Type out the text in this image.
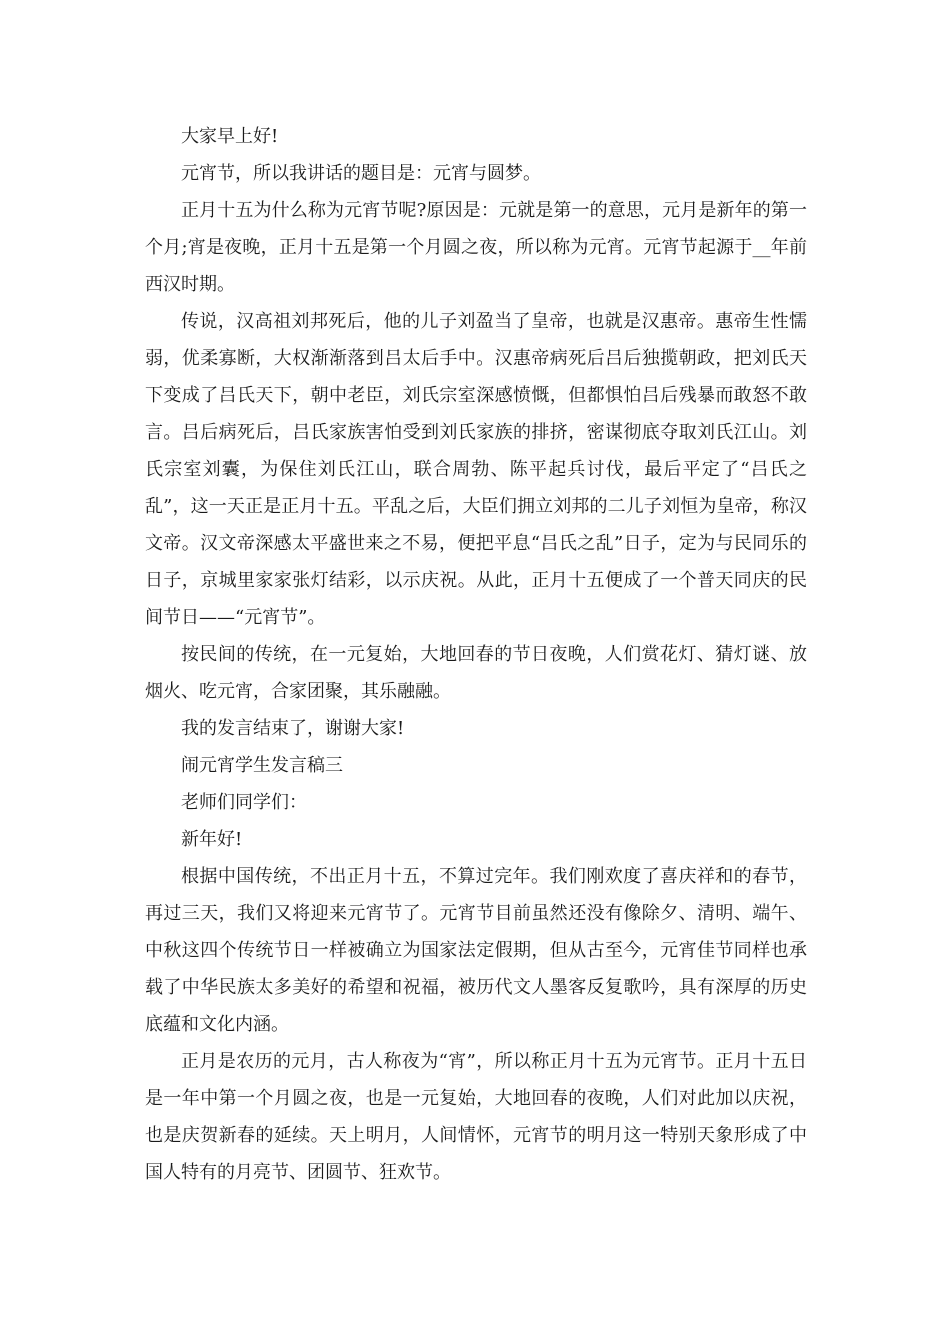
大家早上好!

元宵节，所以我讲话的题目是：元宵与圆梦。

正月十五为什么称为元宵节呢?原因是：元就是第一的意思，元月是新年的第一个月;宵是夜晚，正月十五是第一个月圆之夜，所以称为元宵。元宵节起源于__年前西汉时期。

传说，汉高祖刘邦死后，他的儿子刘盈当了皇帝，也就是汉惠帝。惠帝生性懦弱，优柔寡断，大权渐渐落到吕太后手中。汉惠帝病死后吕后独揽朝政，把刘氏天下变成了吕氏天下，朝中老臣，刘氏宗室深感愤慨，但都惧怕吕后残暴而敢怒不敢言。吕后病死后，吕氏家族害怕受到刘氏家族的排挤，密谋彻底夺取刘氏江山。刘氏宗室刘囊，为保住刘氏江山，联合周勃、陈平起兵讨伐，最后平定了“吕氏之乱”，这一天正是正月十五。平乱之后，大臣们拥立刘邦的二儿子刘恒为皇帝，称汉文帝。汉文帝深感太平盛世来之不易，便把平息“吕氏之乱”日子，定为与民同乐的日子，京城里家家张灯结彩，以示庆祝。从此，正月十五便成了一个普天同庆的民间节日——“元宵节”。

按民间的传统，在一元复始，大地回春的节日夜晚，人们赏花灯、猜灯谜、放烟火、吃元宵，合家团聚，其乐融融。

我的发言结束了，谢谢大家!

闹元宵学生发言稿三

老师们同学们：

新年好!

根据中国传统，不出正月十五，不算过完年。我们刚欢度了喜庆祥和的春节，再过三天，我们又将迎来元宵节了。元宵节目前虽然还没有像除夕、清明、端午、中秋这四个传统节日一样被确立为国家法定假期，但从古至今，元宵佳节同样也承载了中华民族太多美好的希望和祝福，被历代文人墨客反复歌吟，具有深厚的历史底蕴和文化内涵。

正月是农历的元月，古人称夜为“宵”，所以称正月十五为元宵节。正月十五日是一年中第一个月圆之夜，也是一元复始，大地回春的夜晚，人们对此加以庆祝，也是庆贺新春的延续。天上明月，人间情怀，元宵节的明月这一特别天象形成了中国人特有的月亮节、团圆节、狂欢节。
